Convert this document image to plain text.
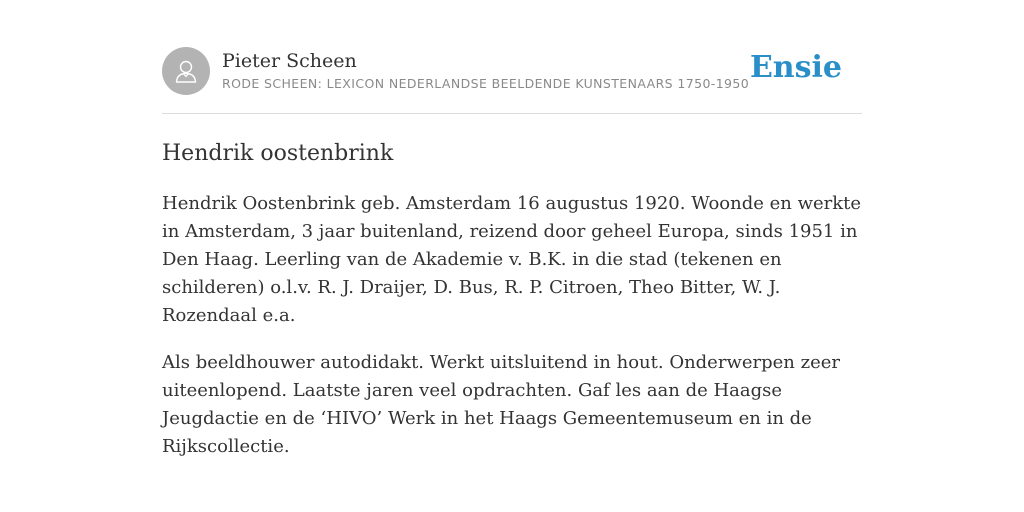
Pieter Scheen
RODE SCHEEN: LEXICON NEDERLANDSE BEELDENDE KUNSTENAARS 1750-1950 Ensie
Hendrik oostenbrink

Hendrik Oostenbrink geb. Amsterdam 16 augustus 1920. Woonde en werkte in Amsterdam, 3 jaar buitenland, reizend door geheel Europa, sinds 1951 in Den Haag. Leerling van de Akademie v. B.K. in die stad (tekenen en schilderen) o.l.v. R. J. Draijer, D. Bus, R. P. Citroen, Theo Bitter, W. J. Rozendaal e.a.

Als beeldhouwer autodidakt. Werkt uitsluitend in hout. Onderwerpen zeer uiteenlopend. Laatste jaren veel opdrachten. Gaf les aan de Haagse Jeugdactie en de ‘HIVO’ Werk in het Haags Gemeentemuseum en in de Rijkscollectie.
